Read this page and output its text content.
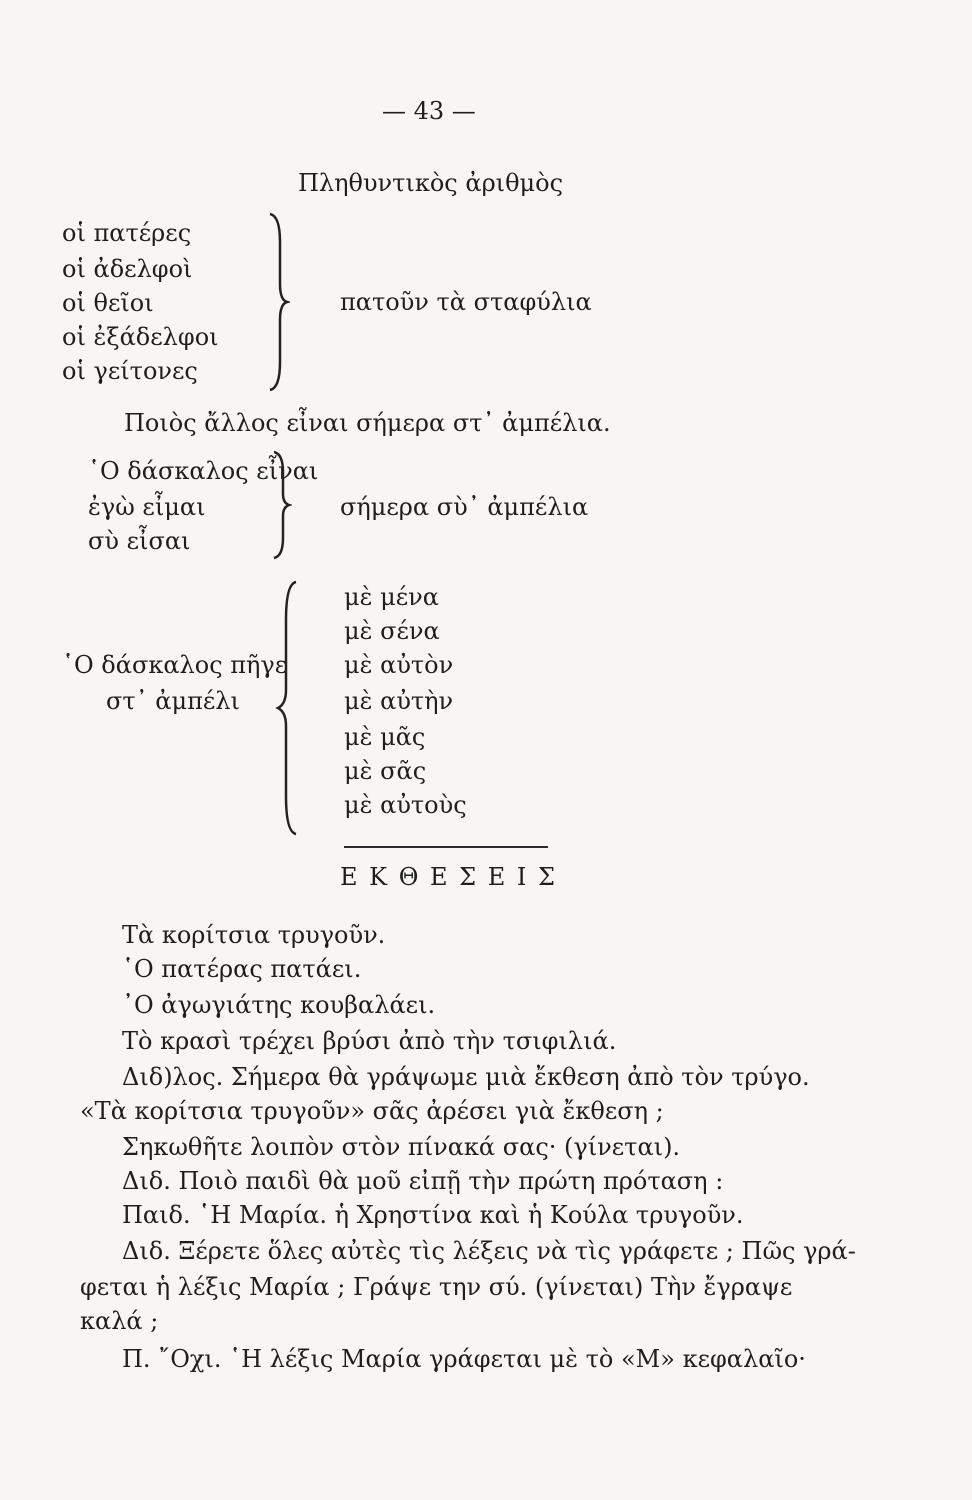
— 43 —
Πληθυντικὸς ἀριθμὸς
οἱ πατέρες
οἱ ἀδελφοὶ
οἱ θεῖοι
οἱ ἐξάδελφοι
οἱ γείτονες
πατοῦν τὰ σταφύλια
Ποιὸς ἄλλος εἶναι σήμερα στ᾽ ἀμπέλια.
῾Ο δάσκαλος εἶναι
ἐγὼ εἶμαι
σὺ εἶσαι
σήμερα σὺ᾽ ἀμπέλια
῾Ο δάσκαλος πῆγε
στ᾽ ἀμπέλι
μὲ μένα
μὲ σένα
μὲ αὐτὸν
μὲ αὐτὴν
μὲ μᾶς
μὲ σᾶς
μὲ αὐτοὺς
Ε Κ Θ Ε Σ Ε Ι Σ
Τὰ κορίτσια τρυγοῦν.
῾Ο πατέρας πατάει.
᾽Ο ἀγωγιάτης κουβαλάει.
Τὸ κρασὶ τρέχει βρύσι ἀπὸ τὴν τσιφιλιά.
Διδ)λος. Σήμερα θὰ γράψωμε μιὰ ἔκθεση ἀπὸ τὸν τρύγο.
«Τὰ κορίτσια τρυγοῦν» σᾶς ἀρέσει γιὰ ἔκθεση ;
Σηκωθῆτε λοιπὸν στὸν πίνακά σας· (γίνεται).
Διδ. Ποιὸ παιδὶ θὰ μοῦ εἰπῇ τὴν πρώτη πρόταση :
Παιδ. ῾Η Μαρία. ἡ Χρηστίνα καὶ ἡ Κούλα τρυγοῦν.
Διδ. Ξέρετε ὅλες αὐτὲς τὶς λέξεις νὰ τὶς γράφετε ; Πῶς γρά-
φεται ἡ λέξις Μαρία ; Γράψε την σύ. (γίνεται) Τὴν ἔγραψε
καλά ;
Π. ῎Οχι. ῾Η λέξις Μαρία γράφεται μὲ τὸ «Μ» κεφαλαῖο·
